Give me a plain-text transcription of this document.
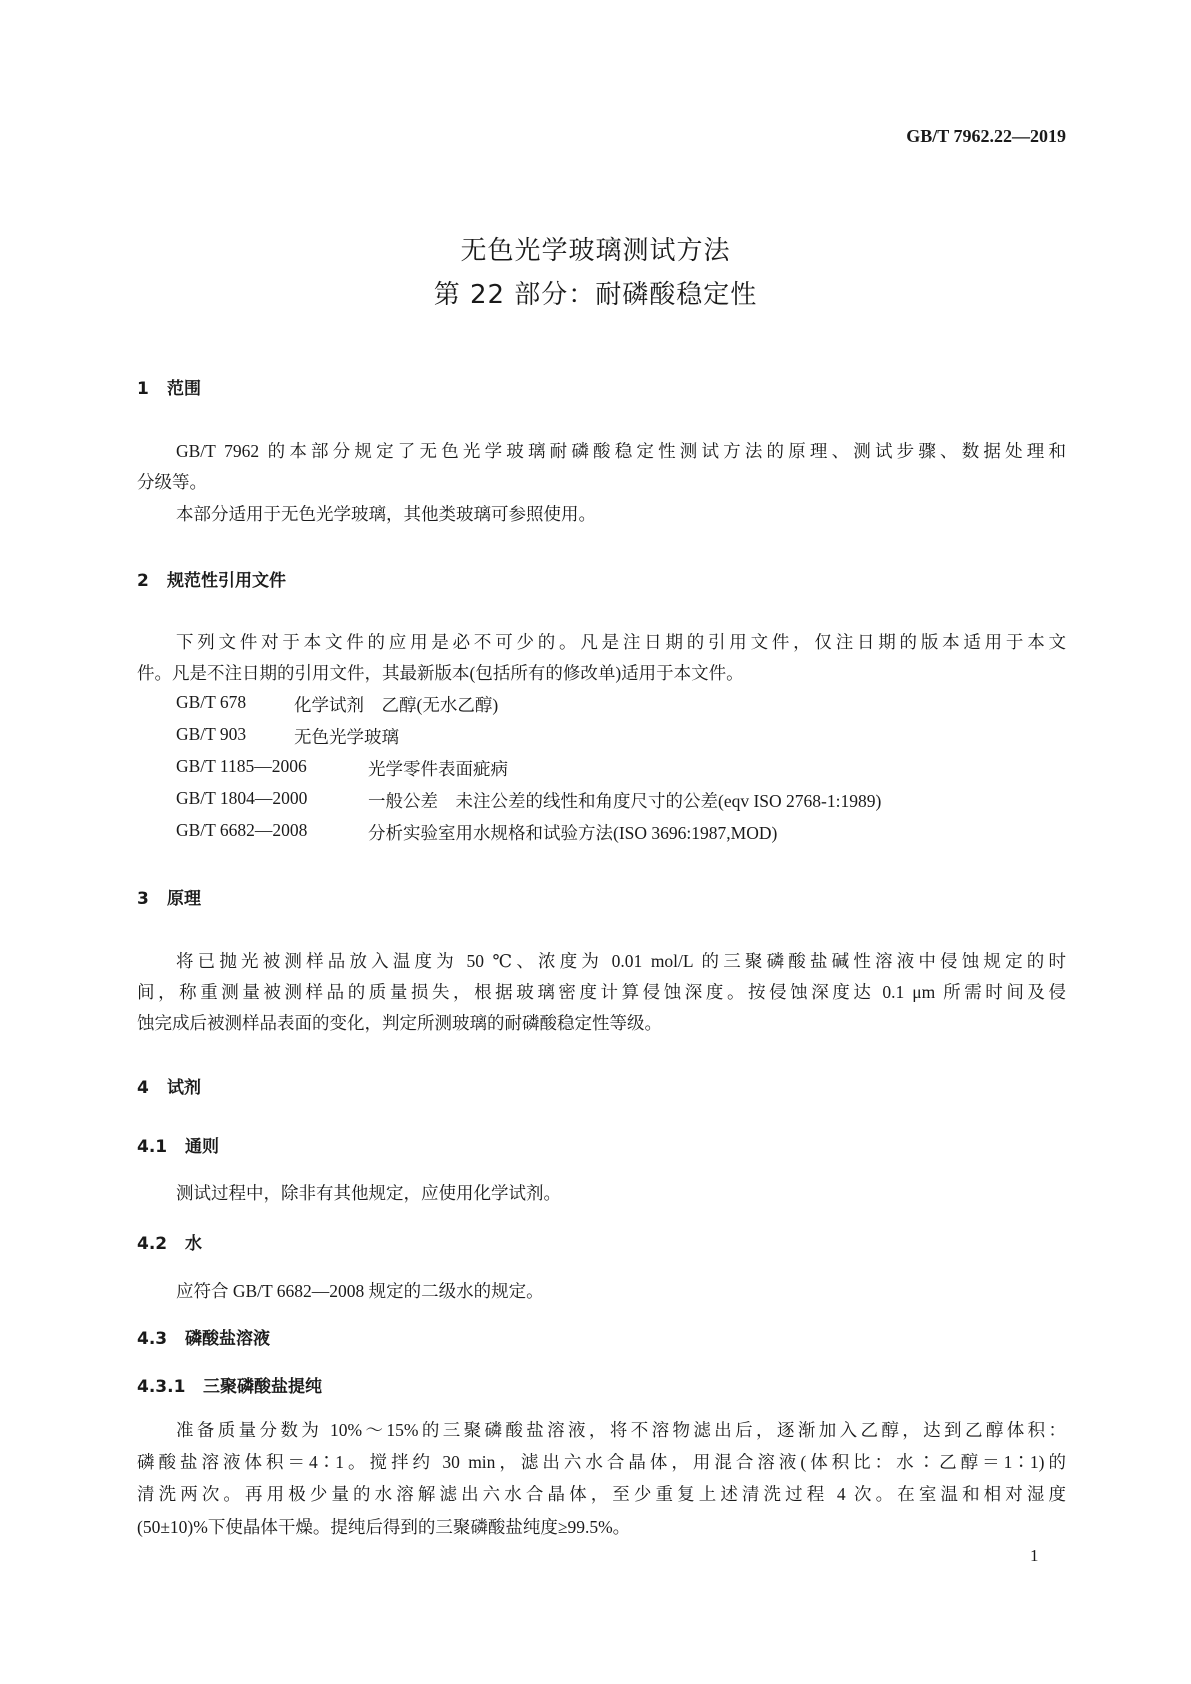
GB/T 7962.22—2019
无色光学玻璃测试方法
第 22 部分：耐磷酸稳定性
1 范围
GB/T 7962 的本部分规定了无色光学玻璃耐磷酸稳定性测试方法的原理、测试步骤、数据处理和
分级等。
本部分适用于无色光学玻璃，其他类玻璃可参照使用。
2 规范性引用文件
下列文件对于本文件的应用是必不可少的。凡是注日期的引用文件，仅注日期的版本适用于本文
件。凡是不注日期的引用文件，其最新版本(包括所有的修改单)适用于本文件。
GB/T 678	化学试剂　乙醇(无水乙醇)
GB/T 903	无色光学玻璃
GB/T 1185—2006	光学零件表面疵病
GB/T 1804—2000	一般公差　未注公差的线性和角度尺寸的公差(eqv ISO 2768-1:1989)
GB/T 6682—2008	分析实验室用水规格和试验方法(ISO 3696:1987,MOD)
3 原理
将已抛光被测样品放入温度为 50 ℃、浓度为 0.01 mol/L 的三聚磷酸盐碱性溶液中侵蚀规定的时
间，称重测量被测样品的质量损失，根据玻璃密度计算侵蚀深度。按侵蚀深度达 0.1 μm 所需时间及侵
蚀完成后被测样品表面的变化，判定所测玻璃的耐磷酸稳定性等级。
4 试剂
4.1 通则
测试过程中，除非有其他规定，应使用化学试剂。
4.2 水
应符合 GB/T 6682—2008 规定的二级水的规定。
4.3 磷酸盐溶液
4.3.1 三聚磷酸盐提纯
准备质量分数为 10%～15%的三聚磷酸盐溶液，将不溶物滤出后，逐渐加入乙醇，达到乙醇体积：
磷酸盐溶液体积＝4∶1。搅拌约 30 min，滤出六水合晶体，用混合溶液(体积比：水∶乙醇＝1∶1)的
清洗两次。再用极少量的水溶解滤出六水合晶体，至少重复上述清洗过程 4 次。在室温和相对湿度
(50±10)%下使晶体干燥。提纯后得到的三聚磷酸盐纯度≥99.5%。
1
